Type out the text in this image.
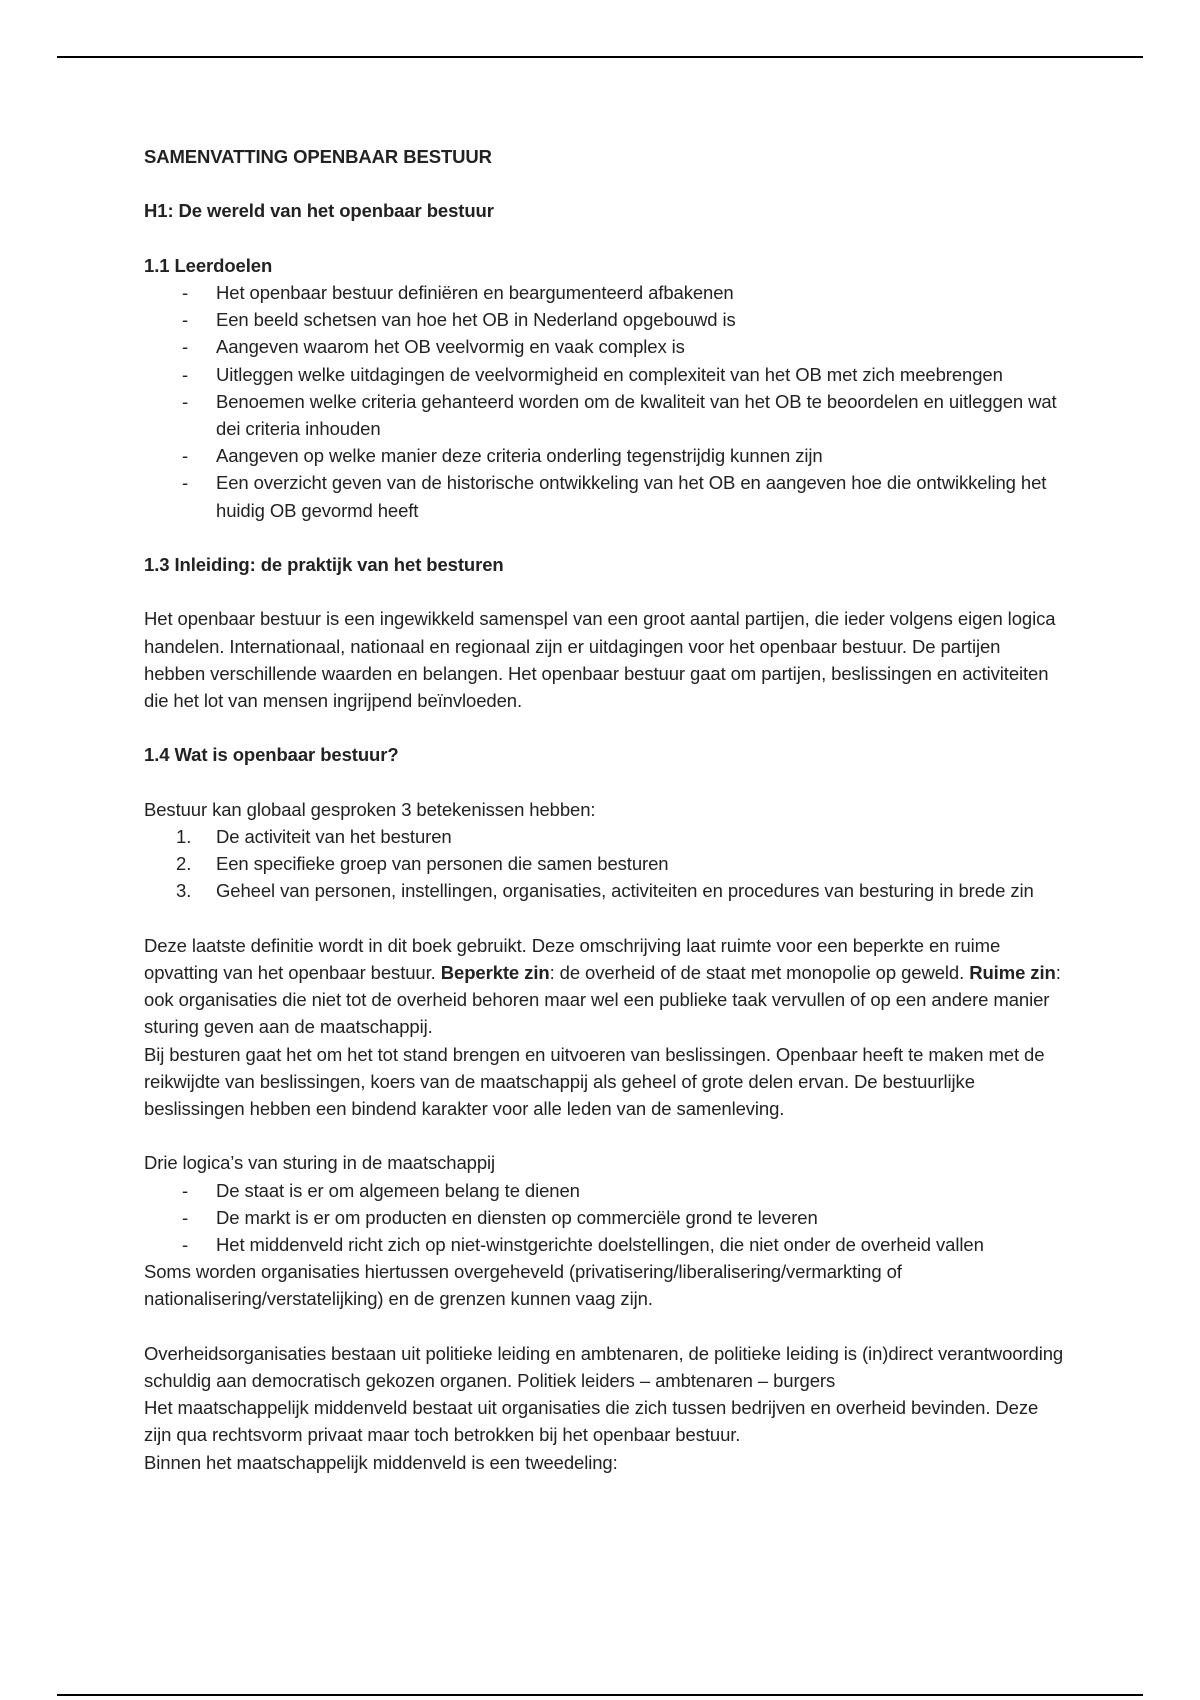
SAMENVATTING OPENBAAR BESTUUR

H1: De wereld van het openbaar bestuur

1.1 Leerdoelen

-	Het openbaar bestuur definiëren en beargumenteerd afbakenen
-	Een beeld schetsen van hoe het OB in Nederland opgebouwd is
-	Aangeven waarom het OB veelvormig en vaak complex is
-	Uitleggen welke uitdagingen de veelvormigheid en complexiteit van het OB met zich meebrengen
-	Benoemen welke criteria gehanteerd worden om de kwaliteit van het OB te beoordelen en uitleggen wat dei criteria inhouden
-	Aangeven op welke manier deze criteria onderling tegenstrijdig kunnen zijn
-	Een overzicht geven van de historische ontwikkeling van het OB en aangeven hoe die ontwikkeling het huidig OB gevormd heeft

1.3 Inleiding: de praktijk van het besturen

Het openbaar bestuur is een ingewikkeld samenspel van een groot aantal partijen, die ieder volgens eigen logica handelen. Internationaal, nationaal en regionaal zijn er uitdagingen voor het openbaar bestuur. De partijen hebben verschillende waarden en belangen. Het openbaar bestuur gaat om partijen, beslissingen en activiteiten die het lot van mensen ingrijpend beïnvloeden.

1.4 Wat is openbaar bestuur?

Bestuur kan globaal gesproken 3 betekenissen hebben:

1.	De activiteit van het besturen
2.	Een specifieke groep van personen die samen besturen
3.	Geheel van personen, instellingen, organisaties, activiteiten en procedures van besturing in brede zin

Deze laatste definitie wordt in dit boek gebruikt. Deze omschrijving laat ruimte voor een beperkte en ruime opvatting van het openbaar bestuur. Beperkte zin: de overheid of de staat met monopolie op geweld. Ruime zin: ook organisaties die niet tot de overheid behoren maar wel een publieke taak vervullen of op een andere manier sturing geven aan de maatschappij.

Bij besturen gaat het om het tot stand brengen en uitvoeren van beslissingen. Openbaar heeft te maken met de reikwijdte van beslissingen, koers van de maatschappij als geheel of grote delen ervan. De bestuurlijke beslissingen hebben een bindend karakter voor alle leden van de samenleving.

Drie logica’s van sturing in de maatschappij

-	De staat is er om algemeen belang te dienen
-	De markt is er om producten en diensten op commerciële grond te leveren
-	Het middenveld richt zich op niet-winstgerichte doelstellingen, die niet onder de overheid vallen

Soms worden organisaties hiertussen overgeheveld (privatisering/liberalisering/vermarkting of nationalisering/verstatelijking) en de grenzen kunnen vaag zijn.

Overheidsorganisaties bestaan uit politieke leiding en ambtenaren, de politieke leiding is (in)direct verantwoording schuldig aan democratisch gekozen organen. Politiek leiders – ambtenaren – burgers

Het maatschappelijk middenveld bestaat uit organisaties die zich tussen bedrijven en overheid bevinden. Deze zijn qua rechtsvorm privaat maar toch betrokken bij het openbaar bestuur.

Binnen het maatschappelijk middenveld is een tweedeling:
